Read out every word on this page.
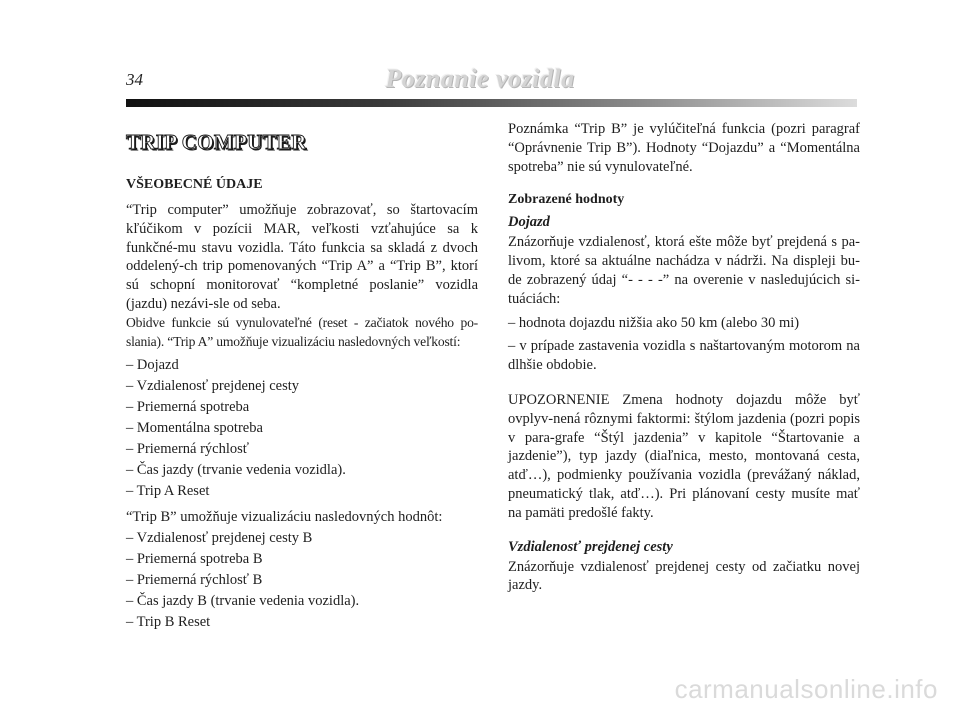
34	Poznanie vozidla
TRIP COMPUTER
VŠEOBECNÉ ÚDAJE

“Trip computer” umožňuje zobrazovať, so štartovacím kľúčikom v pozícii MAR, veľkosti vzťahujúce sa k funkčné-mu stavu vozidla. Táto funkcia sa skladá z dvoch oddelený-ch trip pomenovaných “Trip A” a “Trip B”, ktorí sú schopní monitorovať “kompletné poslanie” vozidla (jazdu) nezávi-sle od seba.

Obidve funkcie sú vynulovateľné (reset - začiatok nového po-slania). “Trip A” umožňuje vizualizáciu nasledovných veľkostí:

– Dojazd
– Vzdialenosť prejdenej cesty
– Priemerná spotreba
– Momentálna spotreba
– Priemerná rýchlosť
– Čas jazdy (trvanie vedenia vozidla).
– Trip A Reset
“Trip B” umožňuje vizualizáciu nasledovných hodnôt:
– Vzdialenosť prejdenej cesty B
– Priemerná spotreba B
– Priemerná rýchlosť B
– Čas jazdy B (trvanie vedenia vozidla).
– Trip B Reset

Poznámka “Trip B” je vylúčiteľná funkcia (pozri paragraf “Oprávnenie Trip B”). Hodnoty “Dojazdu” a “Momentálna spotreba” nie sú vynulovateľné.

Zobrazené hodnoty
Dojazd

Znázorňuje vzdialenosť, ktorá ešte môže byť prejdená s pa-livom, ktoré sa aktuálne nachádza v nádrži. Na displeji bu-de zobrazený údaj “- - - -” na overenie v nasledujúcich si-tuáciách:

– hodnota dojazdu nižšia ako 50 km (alebo 30 mi)

– v prípade zastavenia vozidla s naštartovaným motorom na dlhšie obdobie.

UPOZORNENIE Zmena hodnoty dojazdu môže byť ovplyv-nená rôznymi faktormi: štýlom jazdenia (pozri popis v para-grafe “Štýl jazdenia” v kapitole “Štartovanie a jazdenie”), typ jazdy (diaľnica, mesto, montovaná cesta, atď…), podmienky používania vozidla (prevážaný náklad, pneumatický tlak, atď…). Pri plánovaní cesty musíte mať na pamäti predošlé fakty.

Vzdialenosť prejdenej cesty

Znázorňuje vzdialenosť prejdenej cesty od začiatku novej jazdy.

carmanualsonline.info
